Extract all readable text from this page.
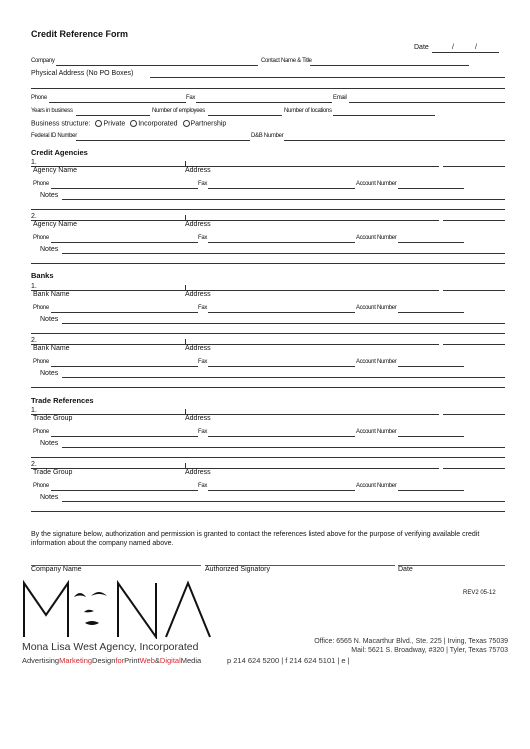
Credit Reference Form
Date	/	/
Company	Contact Name & Title
Physical Address (No PO Boxes)
Phone	Fax	Email
Years in business	Number of employees	Number of locations
Business structure: Private Incorporated Partnership
Federal ID Number	D&B Number
Credit Agencies
1.
Agency Name	Address
Phone	Fax	Account Number
Notes
2.
Agency Name	Address
Phone	Fax	Account Number
Notes
Banks
1.
Bank Name	Address
Phone	Fax	Account Number
Notes
2.
Bank Name	Address
Phone	Fax	Account Number
Notes
Trade References
1.
Trade Group	Address
Phone	Fax	Account Number
Notes
2.
Trade Group	Address
Phone	Fax	Account Number
Notes
By the signature below, authorization and permission is granted to contact the references listed above for the purpose of verifying available credit information about the company named above.
Company Name	Authorized Signatory	Date
REV2 05-12
Mona Lisa West Agency, Incorporated
AdvertisingMarketingDesignforPrintWeb&DigitalMedia	p 214 624 5200 | f 214 624 5101 | e |
Office: 6565 N. Macarthur Blvd., Ste. 225 | Irving, Texas 75039
Mail: 5621 S. Broadway, #320 | Tyler, Texas 75703
